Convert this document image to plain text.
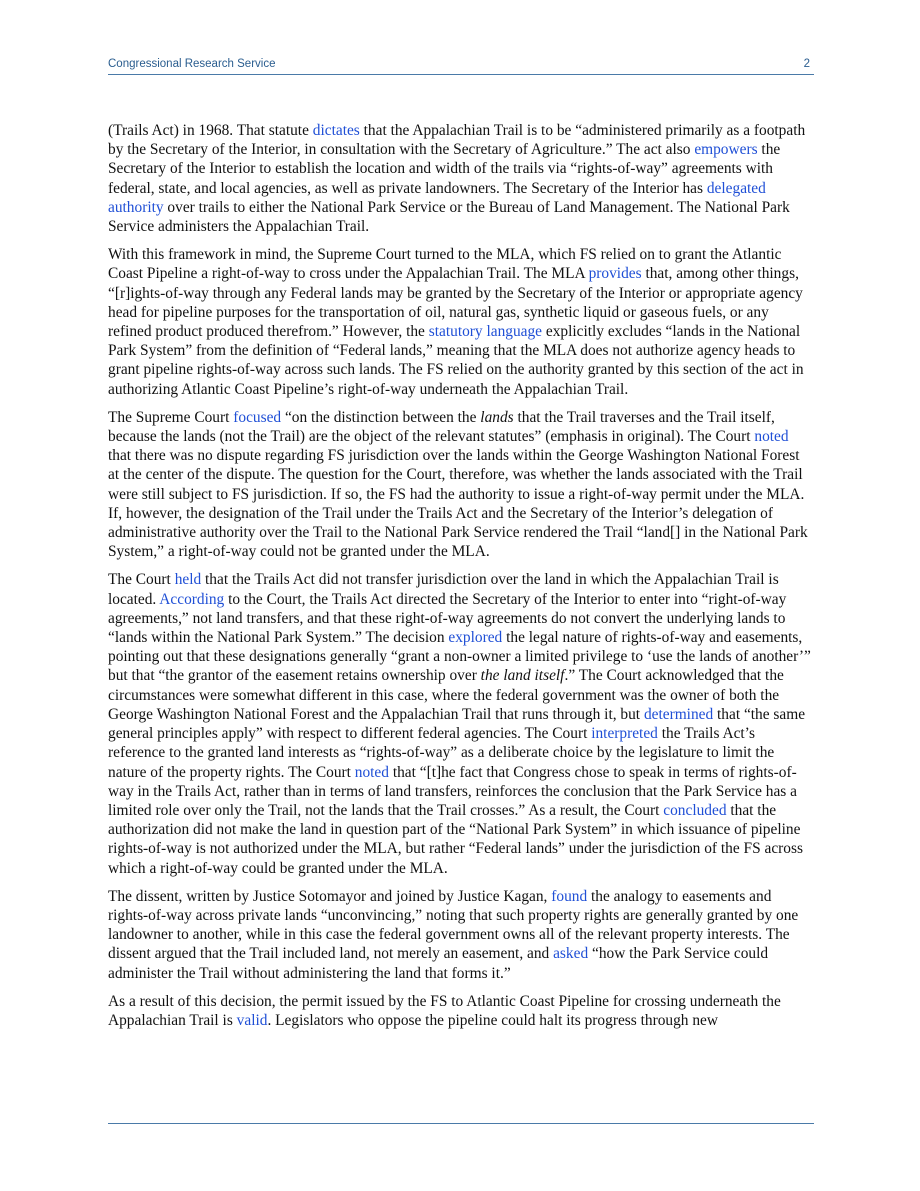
Congressional Research Service	2

(Trails Act) in 1968. That statute dictates that the Appalachian Trail is to be “administered primarily as a footpath by the Secretary of the Interior, in consultation with the Secretary of Agriculture.” The act also empowers the Secretary of the Interior to establish the location and width of the trails via “rights-of-way” agreements with federal, state, and local agencies, as well as private landowners. The Secretary of the Interior has delegated authority over trails to either the National Park Service or the Bureau of Land Management. The National Park Service administers the Appalachian Trail.

With this framework in mind, the Supreme Court turned to the MLA, which FS relied on to grant the Atlantic Coast Pipeline a right-of-way to cross under the Appalachian Trail. The MLA provides that, among other things, “[r]ights-of-way through any Federal lands may be granted by the Secretary of the Interior or appropriate agency head for pipeline purposes for the transportation of oil, natural gas, synthetic liquid or gaseous fuels, or any refined product produced therefrom.” However, the statutory language explicitly excludes “lands in the National Park System” from the definition of “Federal lands,” meaning that the MLA does not authorize agency heads to grant pipeline rights-of-way across such lands. The FS relied on the authority granted by this section of the act in authorizing Atlantic Coast Pipeline’s right-of-way underneath the Appalachian Trail.

The Supreme Court focused “on the distinction between the lands that the Trail traverses and the Trail itself, because the lands (not the Trail) are the object of the relevant statutes” (emphasis in original). The Court noted that there was no dispute regarding FS jurisdiction over the lands within the George Washington National Forest at the center of the dispute. The question for the Court, therefore, was whether the lands associated with the Trail were still subject to FS jurisdiction. If so, the FS had the authority to issue a right-of-way permit under the MLA. If, however, the designation of the Trail under the Trails Act and the Secretary of the Interior’s delegation of administrative authority over the Trail to the National Park Service rendered the Trail “land[] in the National Park System,” a right-of-way could not be granted under the MLA.

The Court held that the Trails Act did not transfer jurisdiction over the land in which the Appalachian Trail is located. According to the Court, the Trails Act directed the Secretary of the Interior to enter into “right-of-way agreements,” not land transfers, and that these right-of-way agreements do not convert the underlying lands to “lands within the National Park System.” The decision explored the legal nature of rights-of-way and easements, pointing out that these designations generally “grant a non-owner a limited privilege to ‘use the lands of another’” but that “the grantor of the easement retains ownership over the land itself.” The Court acknowledged that the circumstances were somewhat different in this case, where the federal government was the owner of both the George Washington National Forest and the Appalachian Trail that runs through it, but determined that “the same general principles apply” with respect to different federal agencies. The Court interpreted the Trails Act’s reference to the granted land interests as “rights-of-way” as a deliberate choice by the legislature to limit the nature of the property rights. The Court noted that “[t]he fact that Congress chose to speak in terms of rights-of-way in the Trails Act, rather than in terms of land transfers, reinforces the conclusion that the Park Service has a limited role over only the Trail, not the lands that the Trail crosses.” As a result, the Court concluded that the authorization did not make the land in question part of the “National Park System” in which issuance of pipeline rights-of-way is not authorized under the MLA, but rather “Federal lands” under the jurisdiction of the FS across which a right-of-way could be granted under the MLA.

The dissent, written by Justice Sotomayor and joined by Justice Kagan, found the analogy to easements and rights-of-way across private lands “unconvincing,” noting that such property rights are generally granted by one landowner to another, while in this case the federal government owns all of the relevant property interests. The dissent argued that the Trail included land, not merely an easement, and asked “how the Park Service could administer the Trail without administering the land that forms it.”

As a result of this decision, the permit issued by the FS to Atlantic Coast Pipeline for crossing underneath the Appalachian Trail is valid. Legislators who oppose the pipeline could halt its progress through new
